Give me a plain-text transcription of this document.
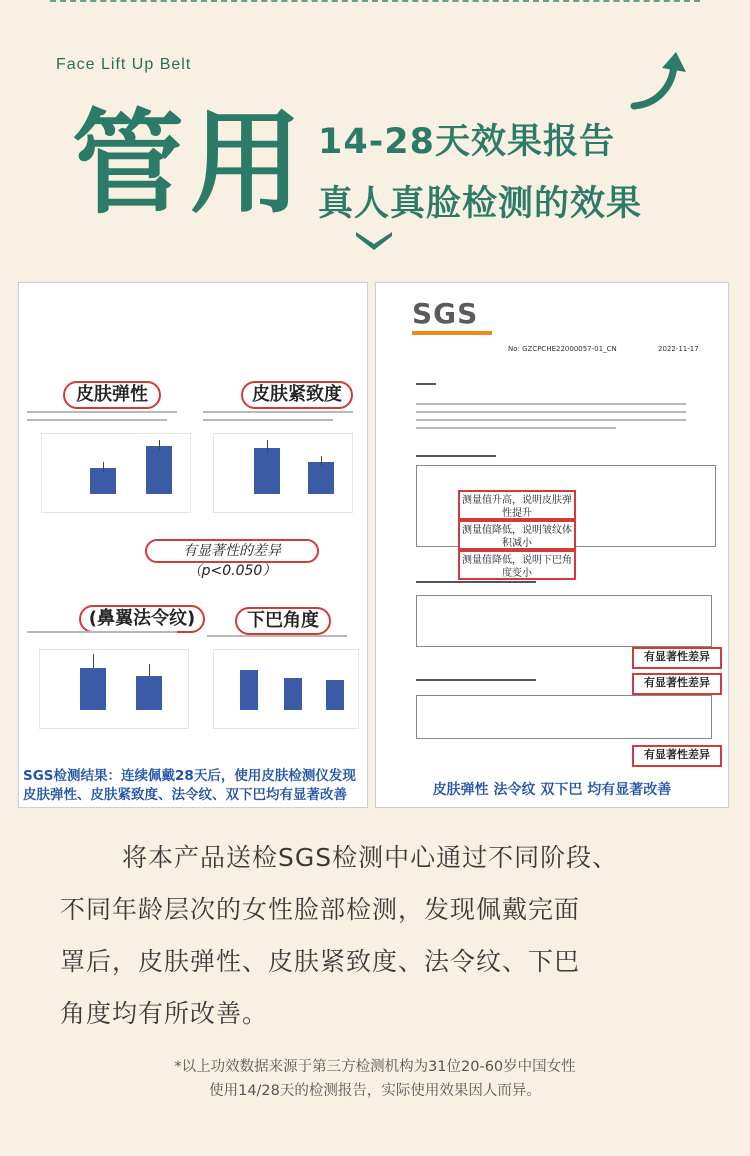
Face Lift Up Belt
管用 14-28天效果报告
真人真脸检测的效果
皮肤弹性	皮肤紧致度
有显著性的差异（p<0.050）
(鼻翼法令纹)	下巴角度
SGS检测结果：连续佩戴28天后，使用皮肤检测仪发现皮肤弹性、皮肤紧致度、法令纹、双下巴均有显著改善
SGS
No: GZCPCHE22000057-01_CN	2022-11-17
测量值升高，说明皮肤弹性提升
测量值降低，说明皱纹体积减小
测量值降低，说明下巴角度变小
有显著性差异
有显著性差异
有显著性差异
皮肤弹性 法令纹 双下巴 均有显著改善
将本产品送检SGS检测中心通过不同阶段、
不同年龄层次的女性脸部检测，发现佩戴完面
罩后，皮肤弹性、皮肤紧致度、法令纹、下巴
角度均有所改善。
*以上功效数据来源于第三方检测机构为31位20-60岁中国女性
使用14/28天的检测报告，实际使用效果因人而异。
